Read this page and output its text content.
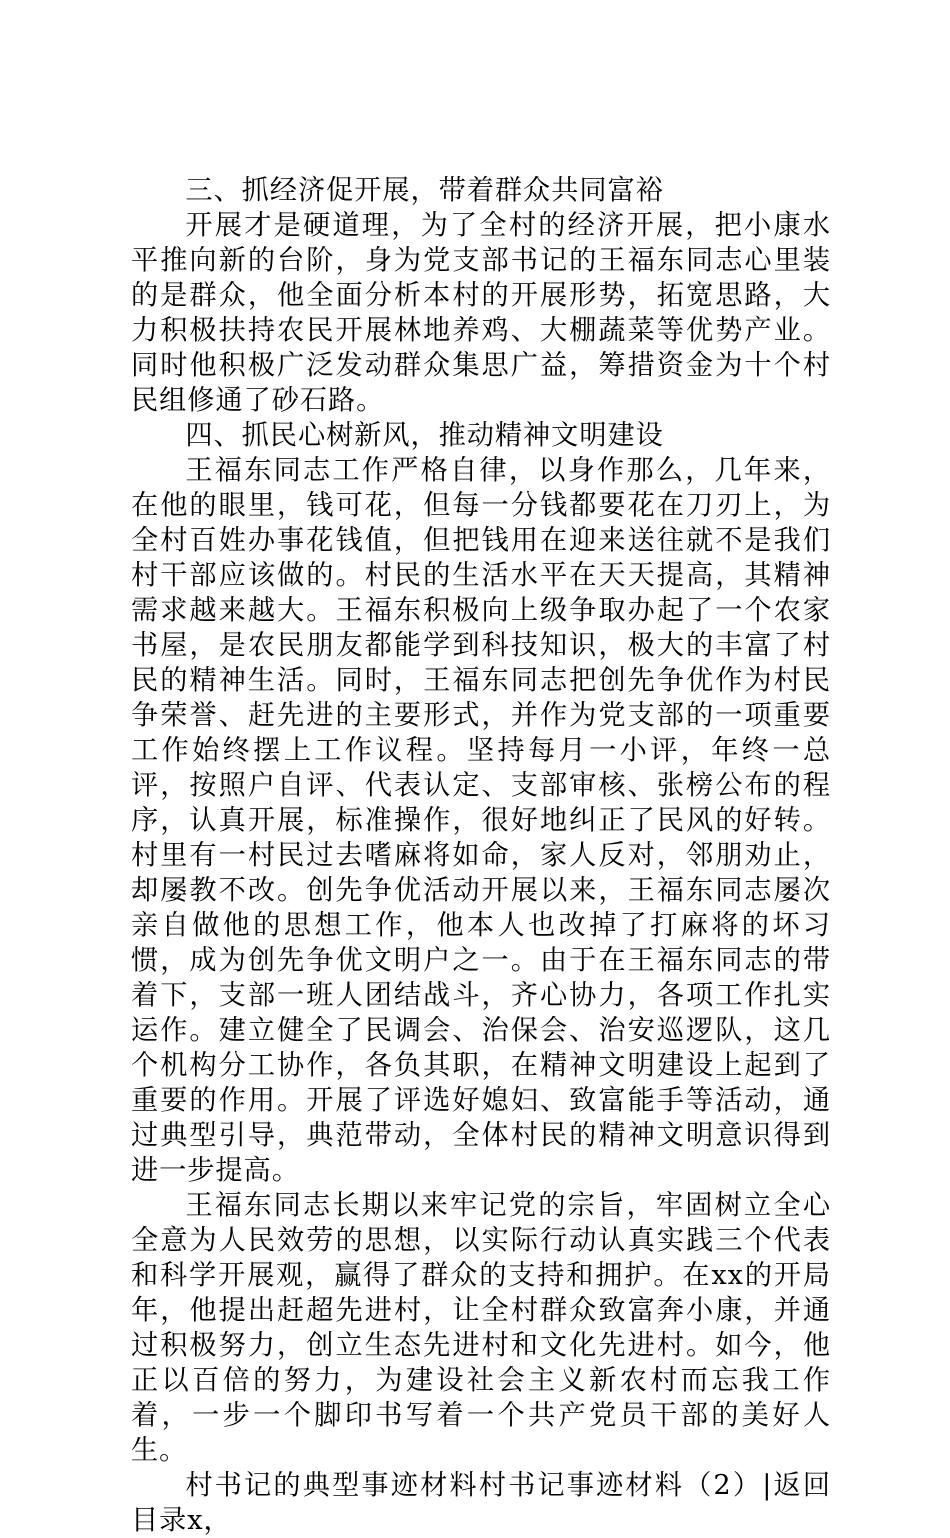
三、抓经济促开展，带着群众共同富裕

开展才是硬道理，为了全村的经济开展，把小康水平推向新的台阶，身为党支部书记的王福东同志心里装的是群众，他全面分析本村的开展形势，拓宽思路，大力积极扶持农民开展林地养鸡、大棚蔬菜等优势产业。同时他积极广泛发动群众集思广益，筹措资金为十个村民组修通了砂石路。

四、抓民心树新风，推动精神文明建设

王福东同志工作严格自律，以身作那么，几年来，在他的眼里，钱可花，但每一分钱都要花在刀刃上，为全村百姓办事花钱值，但把钱用在迎来送往就不是我们村干部应该做的。村民的生活水平在天天提高，其精神需求越来越大。王福东积极向上级争取办起了一个农家书屋，是农民朋友都能学到科技知识，极大的丰富了村民的精神生活。同时，王福东同志把创先争优作为村民争荣誉、赶先进的主要形式，并作为党支部的一项重要工作始终摆上工作议程。坚持每月一小评，年终一总评，按照户自评、代表认定、支部审核、张榜公布的程序，认真开展，标准操作，很好地纠正了民风的好转。村里有一村民过去嗜麻将如命，家人反对，邻朋劝止，却屡教不改。创先争优活动开展以来，王福东同志屡次亲自做他的思想工作，他本人也改掉了打麻将的坏习惯，成为创先争优文明户之一。由于在王福东同志的带着下，支部一班人团结战斗，齐心协力，各项工作扎实运作。建立健全了民调会、治保会、治安巡逻队，这几个机构分工协作，各负其职，在精神文明建设上起到了重要的作用。开展了评选好媳妇、致富能手等活动，通过典型引导，典范带动，全体村民的精神文明意识得到进一步提高。

王福东同志长期以来牢记党的宗旨，牢固树立全心全意为人民效劳的思想，以实际行动认真实践三个代表和科学开展观，赢得了群众的支持和拥护。在xx的开局年，他提出赶超先进村，让全村群众致富奔小康，并通过积极努力，创立生态先进村和文化先进村。如今，他正以百倍的努力，为建设社会主义新农村而忘我工作着，一步一个脚印书写着一个共产党员干部的美好人生。

村书记的典型事迹材料村书记事迹材料（2）|返回目录x，
